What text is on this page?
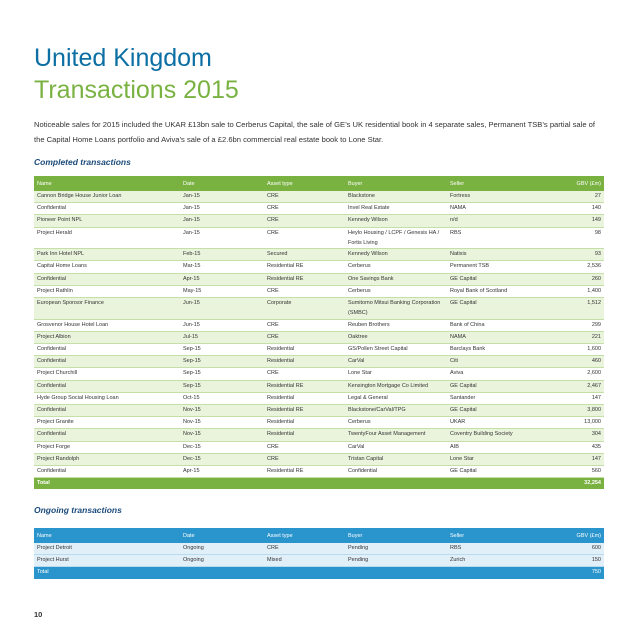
United Kingdom
Transactions 2015
Noticeable sales for 2015 included the UKAR £13bn sale to Cerberus Capital, the sale of GE’s UK residential book in 4 separate sales, Permanent TSB’s partial sale of the Capital Home Loans portfolio and Aviva’s sale of a £2.6bn commercial real estate book to Lone Star.
Completed transactions
Name	Date	Asset type	Buyer	Seller	GBV (£m)
Cannon Bridge House Junior Loan	Jan-15	CRE	Blackstone	Fortress	27
Confidential	Jan-15	CRE	Invel Real Estate	NAMA	140
Pioneer Point NPL	Jan-15	CRE	Kennedy Wilson	n/d	149
Project Herald	Jan-15	CRE	Heylo Housing / LCPF / Genesis HA / Fortis Living	RBS	98
Park Inn Hotel NPL	Feb-15	Secured	Kennedy Wilson	Natixis	93
Capital Home Loans	Mar-15	Residential RE	Cerberus	Permanent TSB	2,536
Confidential	Apr-15	Residential RE	One Savings Bank	GE Capital	260
Project Rathlin	May-15	CRE	Cerberus	Royal Bank of Scotland	1,400
European Sponsor Finance	Jun-15	Corporate	Sumitomo Mitsui Banking Corporation (SMBC)	GE Capital	1,512
Grosvenor House Hotel Loan	Jun-15	CRE	Reuben Brothers	Bank of China	299
Project Albion	Jul-15	CRE	Oaktree	NAMA	221
Confidential	Sep-15	Residential	GS/Pollen Street Capital	Barclays Bank	1,600
Confidential	Sep-15	Residential	CarVal	Citi	460
Project Churchill	Sep-15	CRE	Lone Star	Aviva	2,600
Confidential	Sep-15	Residential RE	Kensington Mortgage Co Limited	GE Capital	2,467
Hyde Group Social Housing Loan	Oct-15	Residential	Legal & General	Santander	147
Confidential	Nov-15	Residential RE	Blackstone/CarVal/TPG	GE Capital	3,800
Project Granite	Nov-15	Residential	Cerberus	UKAR	13,000
Confidential	Nov-15	Residential	TwentyFour Asset Management	Coventry Building Society	304
Project Forge	Dec-15	CRE	CarVal	AIB	435
Project Randolph	Dec-15	CRE	Tristan Capital	Lone Star	147
Confidential	Apr-15	Residential RE	Confidential	GE Capital	560
Total					32,254
Ongoing transactions
Name	Date	Asset type	Buyer	Seller	GBV (£m)
Project Detroit	Ongoing	CRE	Pending	RBS	600
Project Hurst	Ongoing	Mixed	Pending	Zurich	150
Total					750
10
